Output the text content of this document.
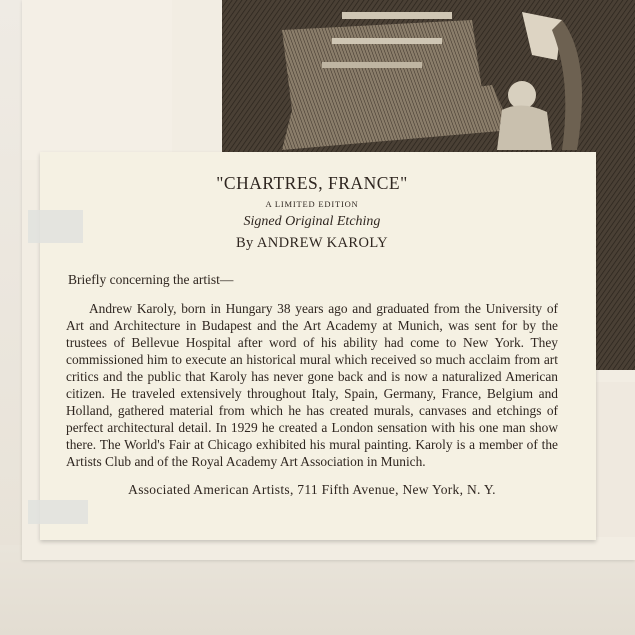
"CHARTRES, FRANCE"
A LIMITED EDITION
Signed Original Etching
By ANDREW KAROLY
Briefly concerning the artist—
Andrew Karoly, born in Hungary 38 years ago and graduated from the University of Art and Architecture in Budapest and the Art Academy at Munich, was sent for by the trustees of Bellevue Hospital after word of his ability had come to New York. They commissioned him to execute an historical mural which received so much acclaim from art critics and the public that Karoly has never gone back and is now a naturalized American citizen. He traveled extensively throughout Italy, Spain, Germany, France, Belgium and Holland, gathered material from which he has created murals, canvases and etchings of perfect architectural detail. In 1929 he created a London sensation with his one man show there. The World's Fair at Chicago exhibited his mural painting. Karoly is a member of the Artists Club and of the Royal Academy Art Association in Munich.
Associated American Artists, 711 Fifth Avenue, New York, N. Y.
